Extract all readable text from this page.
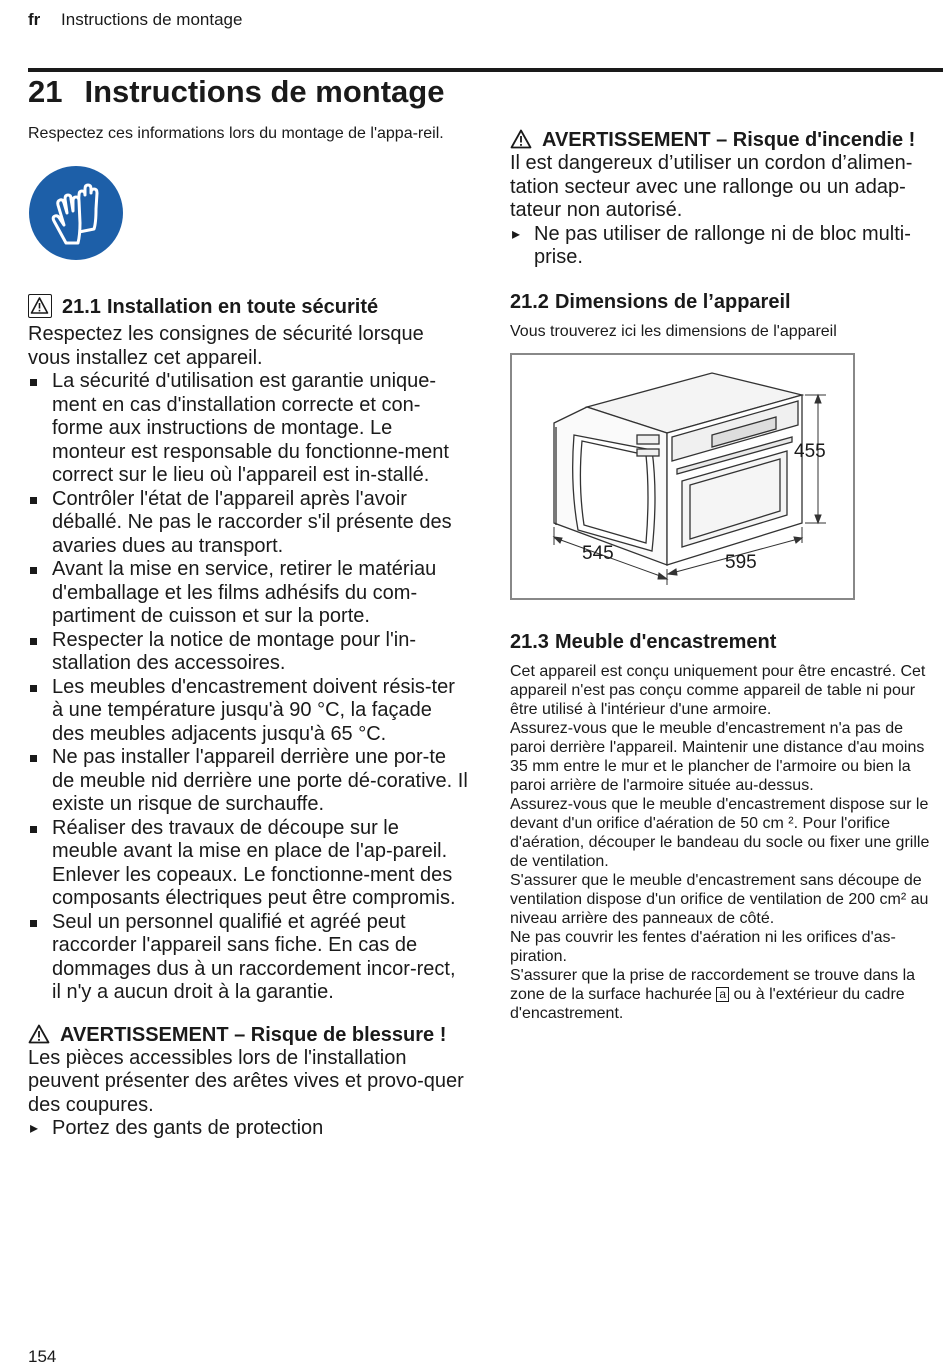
fr Instructions de montage
21 Instructions de montage

Respectez ces informations lors du montage de l'appa-reil.

21.1 Installation en toute sécurité

Respectez les consignes de sécurité lorsque vous installez cet appareil.

La sécurité d'utilisation est garantie unique-ment en cas d'installation correcte et con-forme aux instructions de montage. Le monteur est responsable du fonctionne-ment correct sur le lieu où l'appareil est in-stallé.
Contrôler l'état de l'appareil après l'avoir déballé. Ne pas le raccorder s'il présente des avaries dues au transport.
Avant la mise en service, retirer le matériau d'emballage et les films adhésifs du com-partiment de cuisson et sur la porte.
Respecter la notice de montage pour l'in-stallation des accessoires.
Les meubles d'encastrement doivent résis-ter à une température jusqu'à 90 °C, la façade des meubles adjacents jusqu'à 65 °C.
Ne pas installer l'appareil derrière une por-te de meuble nid derrière une porte dé-corative. Il existe un risque de surchauffe.
Réaliser des travaux de découpe sur le meuble avant la mise en place de l'ap-pareil. Enlever les copeaux. Le fonctionne-ment des composants électriques peut être compromis.
Seul un personnel qualifié et agréé peut raccorder l'appareil sans fiche. En cas de dommages dus à un raccordement incor-rect, il n'y a aucun droit à la garantie.
AVERTISSEMENT – Risque de blessure !

Les pièces accessibles lors de l'installation peuvent présenter des arêtes vives et provo-quer des coupures.

▸ Portez des gants de protection
AVERTISSEMENT – Risque d'incendie !

Il est dangereux d’utiliser un cordon d’alimen-tation secteur avec une rallonge ou un adap-tateur non autorisé.

▸ Ne pas utiliser de rallonge ni de bloc multi-prise.
21.2 Dimensions de l’appareil

Vous trouverez ici les dimensions de l'appareil

455
545	595
21.3 Meuble d'encastrement

Cet appareil est conçu uniquement pour être encastré. Cet appareil n'est pas conçu comme appareil de table ni pour être utilisé à l'intérieur d'une armoire.

Assurez-vous que le meuble d'encastrement n'a pas de paroi derrière l'appareil. Maintenir une distance d'au moins 35 mm entre le mur et le plancher de l'armoire ou bien la paroi arrière de l'armoire située au-dessus.

Assurez-vous que le meuble d'encastrement dispose sur le devant d'un orifice d'aération de 50 cm ². Pour l'orifice d'aération, découper le bandeau du socle ou fixer une grille de ventilation.

S'assurer que le meuble d'encastrement sans découpe de ventilation dispose d'un orifice de ventilation de 200 cm² au niveau arrière des panneaux de côté.

Ne pas couvrir les fentes d'aération ni les orifices d'as-piration.

S'assurer que la prise de raccordement se trouve dans la zone de la surface hachurée a ou à l'extérieur du cadre d'encastrement.

154
